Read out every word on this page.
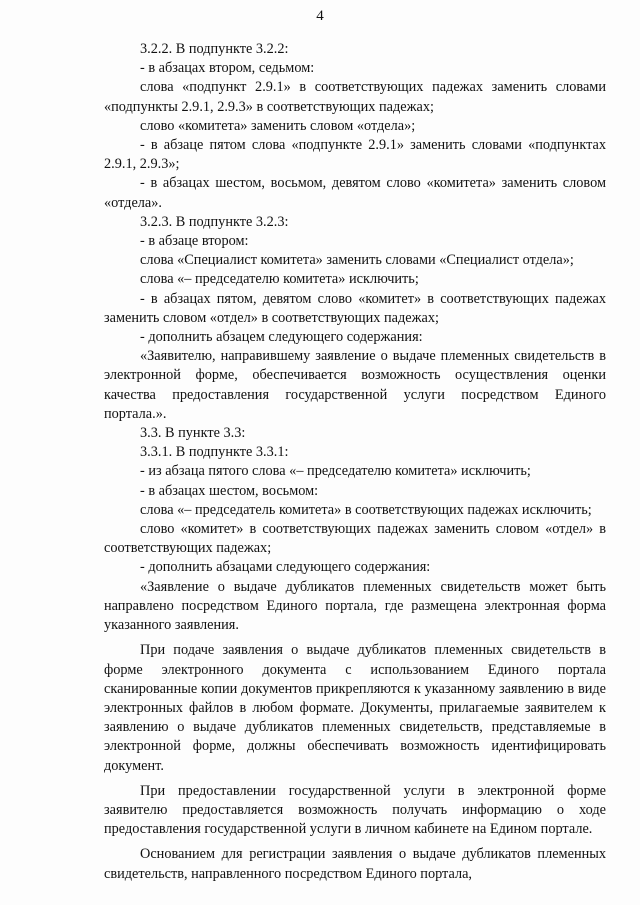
4

3.2.2. В подпункте 3.2.2:

- в абзацах втором, седьмом:

слова «подпункт 2.9.1» в соответствующих падежах заменить словами «подпункты 2.9.1, 2.9.3» в соответствующих падежах;

слово «комитета» заменить словом «отдела»;

- в абзаце пятом слова «подпункте 2.9.1» заменить словами «подпунктах 2.9.1, 2.9.3»;

- в абзацах шестом, восьмом, девятом слово «комитета» заменить словом «отдела».

3.2.3. В подпункте 3.2.3:

- в абзаце втором:

слова «Специалист комитета» заменить словами «Специалист отдела»;

слова «– председателю комитета» исключить;

- в абзацах пятом, девятом слово «комитет» в соответствующих падежах заменить словом «отдел» в соответствующих падежах;

- дополнить абзацем следующего содержания:

«Заявителю, направившему заявление о выдаче племенных свидетельств в электронной форме, обеспечивается возможность осуществления оценки качества предоставления государственной услуги посредством Единого портала.».

3.3. В пункте 3.3:

3.3.1. В подпункте 3.3.1:

- из абзаца пятого слова «– председателю комитета» исключить;

- в абзацах шестом, восьмом:

слова «– председатель комитета» в соответствующих падежах исключить;

слово «комитет» в соответствующих падежах заменить словом «отдел» в соответствующих падежах;

- дополнить абзацами следующего содержания:

«Заявление о выдаче дубликатов племенных свидетельств может быть направлено посредством Единого портала, где размещена электронная форма указанного заявления.

При подаче заявления о выдаче дубликатов племенных свидетельств в форме электронного документа с использованием Единого портала сканированные копии документов прикрепляются к указанному заявлению в виде электронных файлов в любом формате. Документы, прилагаемые заявителем к заявлению о выдаче дубликатов племенных свидетельств, представляемые в электронной форме, должны обеспечивать возможность идентифицировать документ.

При предоставлении государственной услуги в электронной форме заявителю предоставляется возможность получать информацию о ходе предоставления государственной услуги в личном кабинете на Едином портале.

Основанием для регистрации заявления о выдаче дубликатов племенных свидетельств, направленного посредством Единого портала,
